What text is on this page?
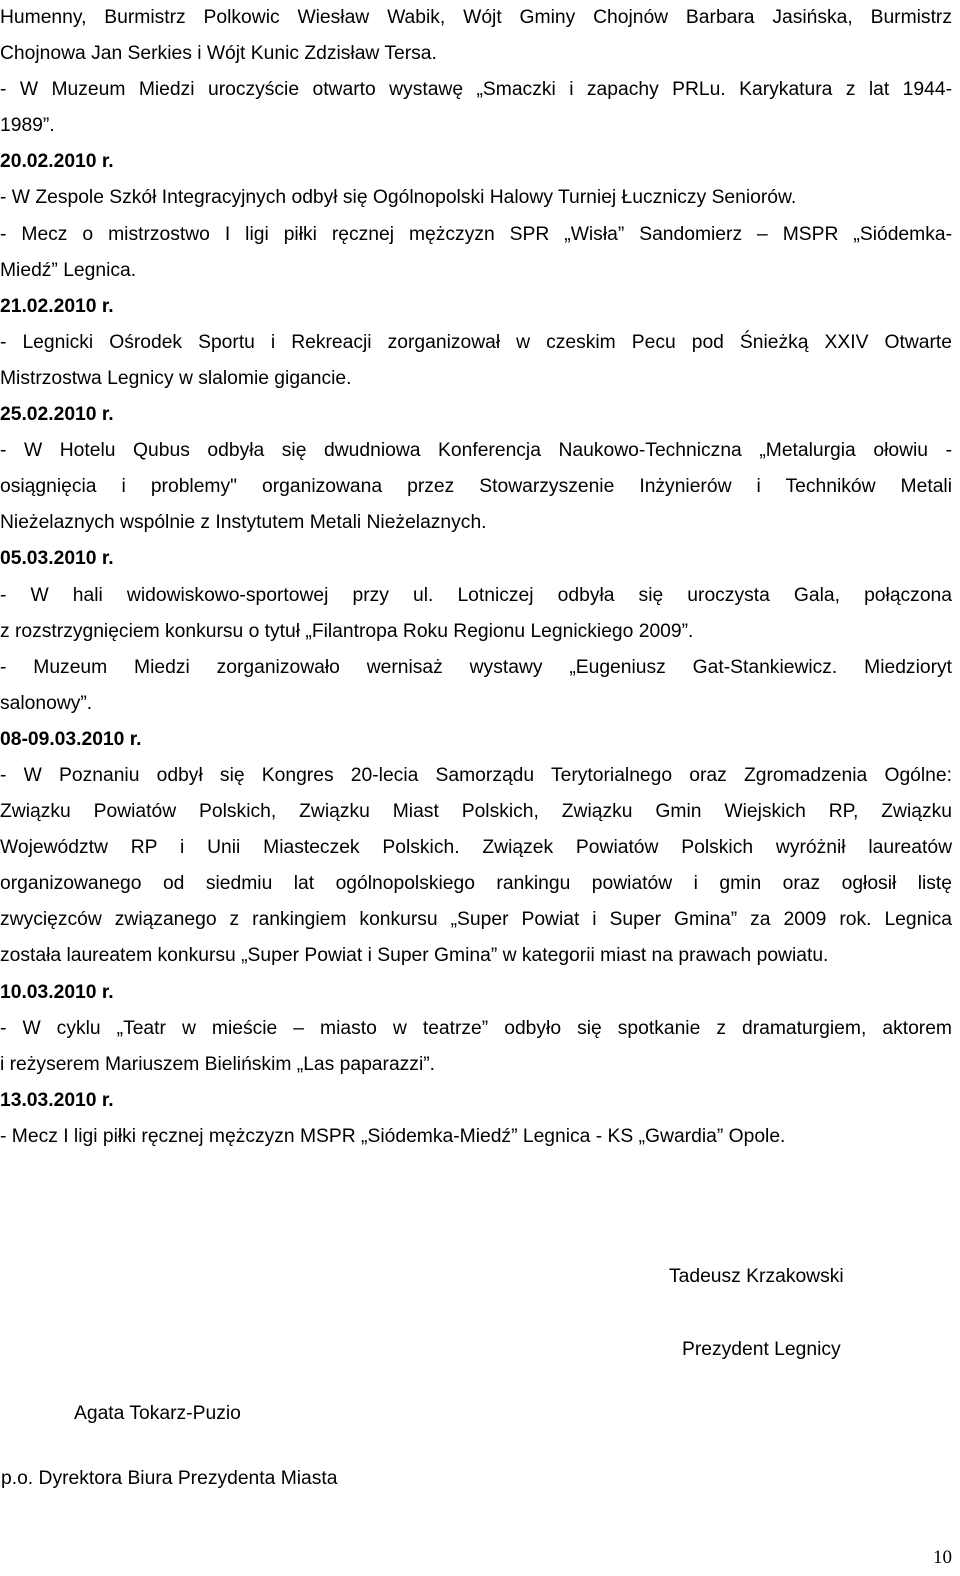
Humenny, Burmistrz Polkowic Wiesław Wabik, Wójt Gminy Chojnów Barbara Jasińska, Burmistrz
Chojnowa Jan Serkies i Wójt Kunic Zdzisław Tersa.
- W Muzeum Miedzi uroczyście otwarto wystawę „Smaczki i zapachy PRLu. Karykatura z lat 1944-
1989”.
20.02.2010 r.
- W Zespole Szkół Integracyjnych odbył się Ogólnopolski Halowy Turniej Łuczniczy Seniorów.
- Mecz o mistrzostwo I ligi piłki ręcznej mężczyzn SPR „Wisła” Sandomierz – MSPR „Siódemka-
Miedź” Legnica.
21.02.2010 r.
- Legnicki Ośrodek Sportu i Rekreacji zorganizował w czeskim Pecu pod Śnieżką XXIV Otwarte
Mistrzostwa Legnicy w slalomie gigancie.
25.02.2010 r.
- W Hotelu Qubus odbyła się dwudniowa Konferencja Naukowo-Techniczna „Metalurgia ołowiu -
osiągnięcia i problemy" organizowana przez Stowarzyszenie Inżynierów i Techników Metali
Nieżelaznych wspólnie z Instytutem Metali Nieżelaznych.
05.03.2010 r.
- W hali widowiskowo-sportowej przy ul. Lotniczej odbyła się uroczysta Gala, połączona
z rozstrzygnięciem konkursu o tytuł „Filantropa Roku Regionu Legnickiego 2009”.
- Muzeum Miedzi zorganizowało wernisaż wystawy „Eugeniusz Gat-Stankiewicz. Miedzioryt
salonowy”.
08-09.03.2010 r.
- W Poznaniu odbył się Kongres 20-lecia Samorządu Terytorialnego oraz Zgromadzenia Ogólne:
Związku Powiatów Polskich, Związku Miast Polskich, Związku Gmin Wiejskich RP, Związku
Województw RP i Unii Miasteczek Polskich. Związek Powiatów Polskich wyróżnił laureatów
organizowanego od siedmiu lat ogólnopolskiego rankingu powiatów i gmin oraz ogłosił listę
zwycięzców związanego z rankingiem konkursu „Super Powiat i Super Gmina” za 2009 rok. Legnica
została laureatem konkursu „Super Powiat i Super Gmina” w kategorii miast na prawach powiatu.
10.03.2010 r.
- W cyklu „Teatr w mieście – miasto w teatrze” odbyło się spotkanie z dramaturgiem, aktorem
i reżyserem Mariuszem Bielińskim „Las paparazzi”.
13.03.2010 r.
- Mecz I ligi piłki ręcznej mężczyzn MSPR „Siódemka-Miedź” Legnica - KS „Gwardia” Opole.
Tadeusz Krzakowski
Prezydent Legnicy
Agata Tokarz-Puzio
p.o. Dyrektora Biura Prezydenta Miasta
10
